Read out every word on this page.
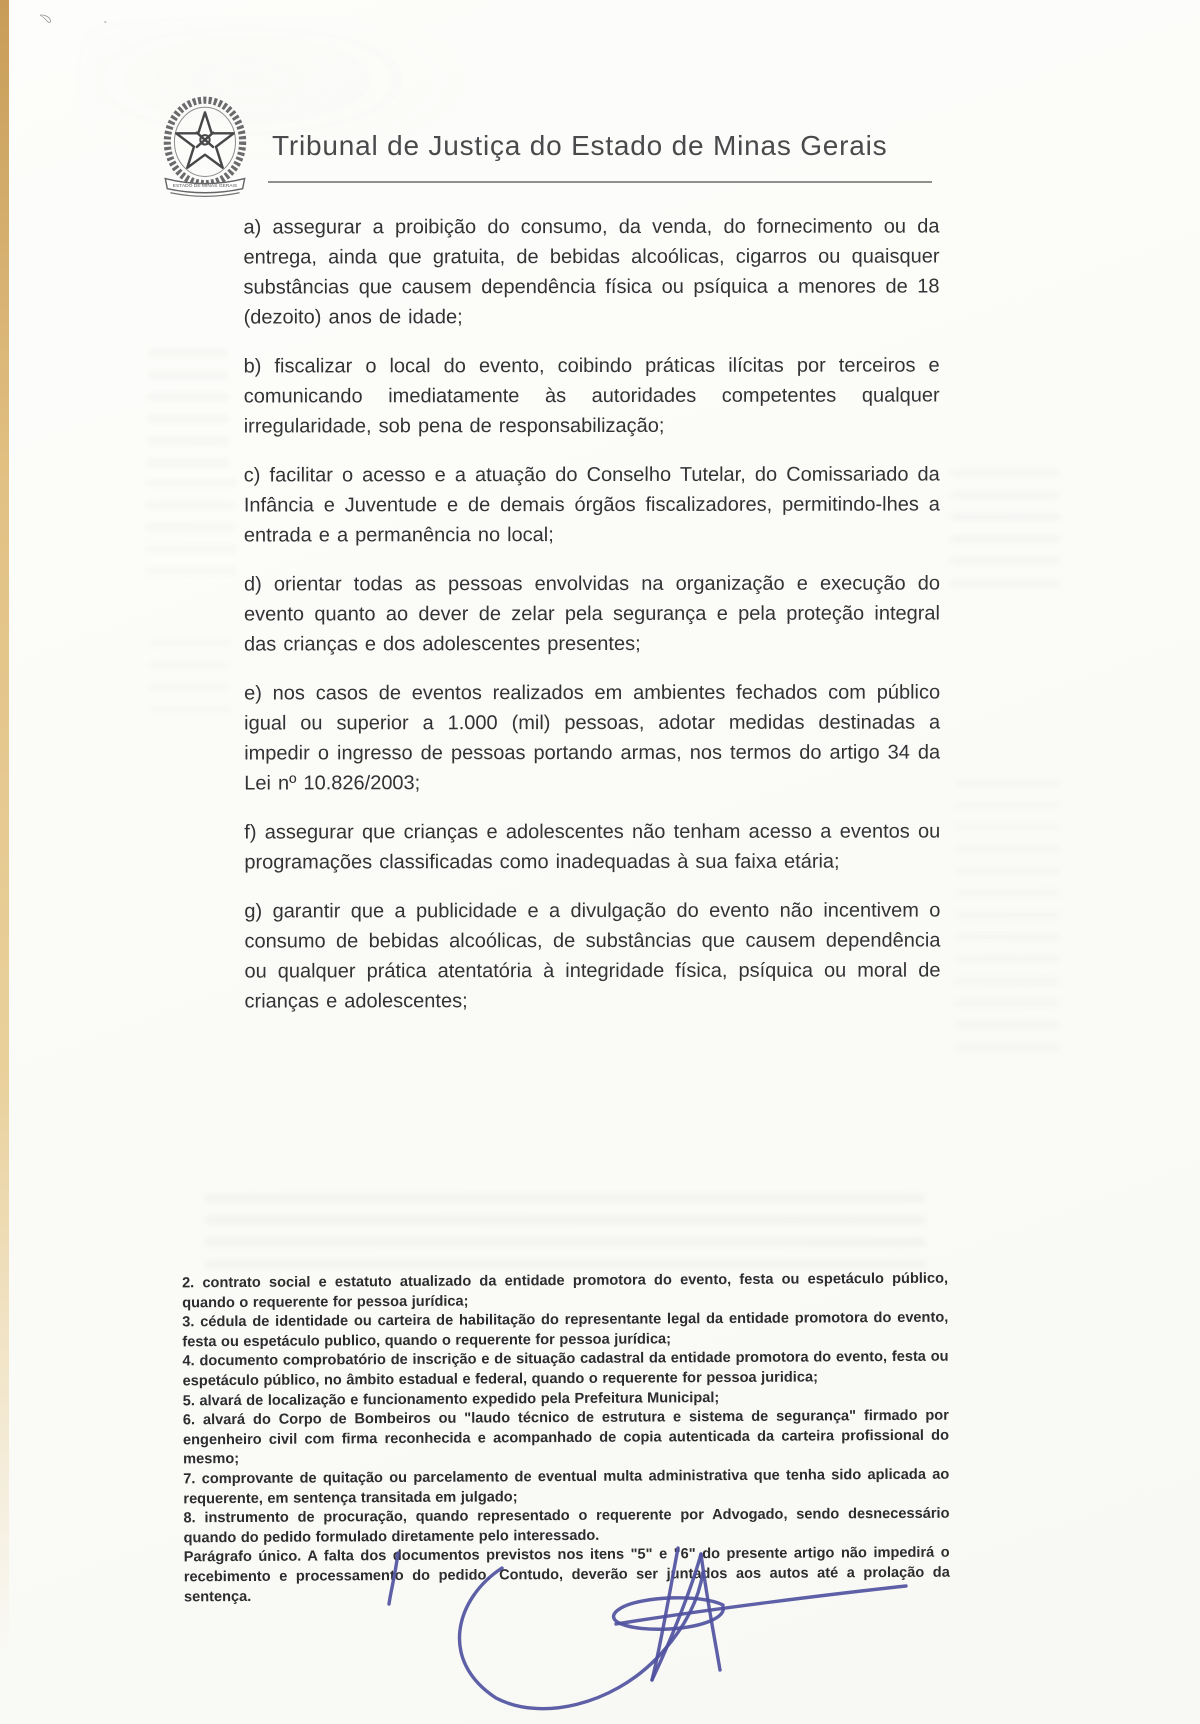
﹆	˯
ESTADO DE MINAS GERAIS
Tribunal de Justiça do Estado de Minas Gerais

a) assegurar a proibição do consumo, da venda, do fornecimento ou da entrega, ainda que gratuita, de bebidas alcoólicas, cigarros ou quaisquer substâncias que causem dependência física ou psíquica a menores de 18 (dezoito) anos de idade;

b) fiscalizar o local do evento, coibindo práticas ilícitas por terceiros e comunicando imediatamente às autoridades competentes qualquer irregularidade, sob pena de responsabilização;

c) facilitar o acesso e a atuação do Conselho Tutelar, do Comissariado da Infância e Juventude e de demais órgãos fiscalizadores, permitindo-lhes a entrada e a permanência no local;

d) orientar todas as pessoas envolvidas na organização e execução do evento quanto ao dever de zelar pela segurança e pela proteção integral das crianças e dos adolescentes presentes;

e) nos casos de eventos realizados em ambientes fechados com público igual ou superior a 1.000 (mil) pessoas, adotar medidas destinadas a impedir o ingresso de pessoas portando armas, nos termos do artigo 34 da Lei nº 10.826/2003;

f) assegurar que crianças e adolescentes não tenham acesso a eventos ou programações classificadas como inadequadas à sua faixa etária;

g) garantir que a publicidade e a divulgação do evento não incentivem o consumo de bebidas alcoólicas, de substâncias que causem dependência ou qualquer prática atentatória à integridade física, psíquica ou moral de crianças e adolescentes;

2. contrato social e estatuto atualizado da entidade promotora do evento, festa ou espetáculo público, quando o requerente for pessoa jurídica;

3. cédula de identidade ou carteira de habilitação do representante legal da entidade promotora do evento, festa ou espetáculo publico, quando o requerente for pessoa jurídica;

4. documento comprobatório de inscrição e de situação cadastral da entidade promotora do evento, festa ou espetáculo público, no âmbito estadual e federal, quando o requerente for pessoa juridica;

5. alvará de localização e funcionamento expedido pela Prefeitura Municipal;

6. alvará do Corpo de Bombeiros ou "laudo técnico de estrutura e sistema de segurança" firmado por engenheiro civil com firma reconhecida e acompanhado de copia autenticada da carteira profissional do mesmo;

7. comprovante de quitação ou parcelamento de eventual multa administrativa que tenha sido aplicada ao requerente, em sentença transitada em julgado;

8. instrumento de procuração, quando representado o requerente por Advogado, sendo desnecessário quando do pedido formulado diretamente pelo interessado.

Parágrafo único. A falta dos documentos previstos nos itens "5" e "6" do presente artigo não impedirá o recebimento e processamento do pedido. Contudo, deverão ser juntados aos autos até a prolação da sentença.
